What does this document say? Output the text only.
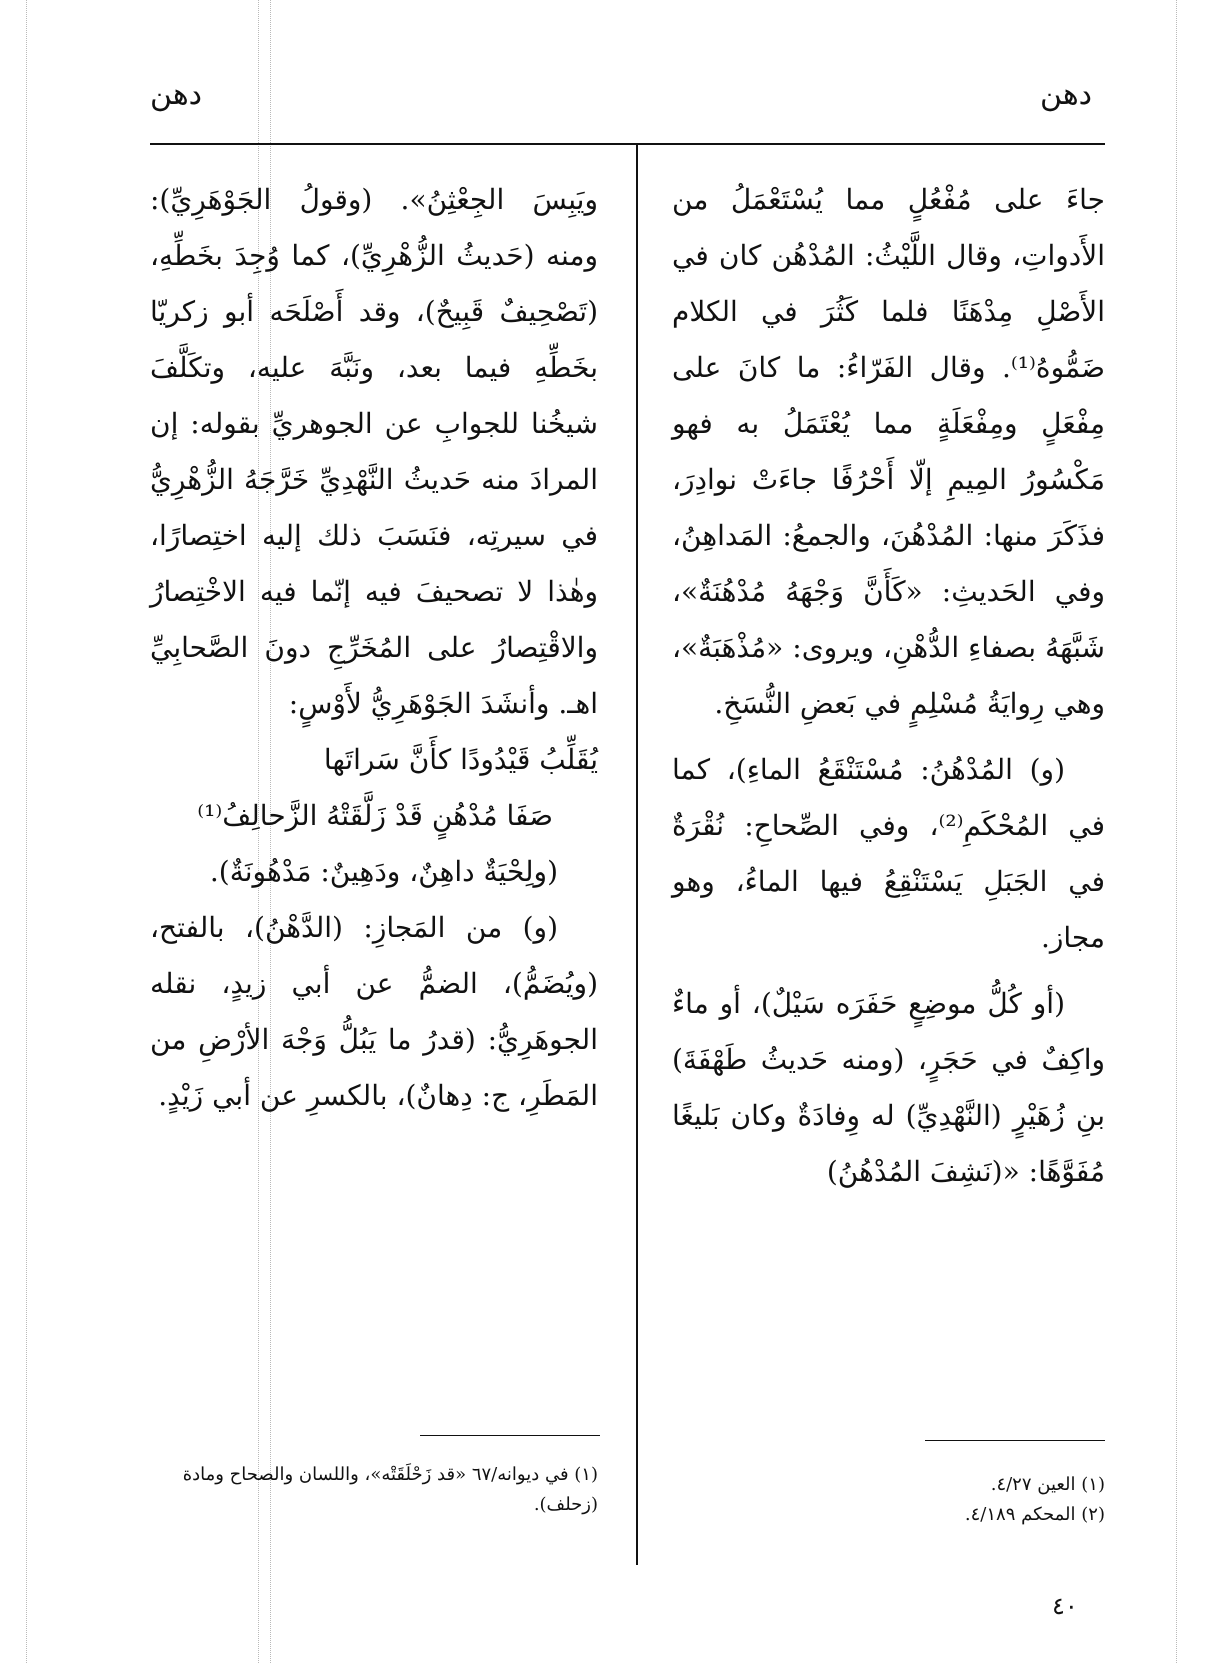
دهن
دهن

جاءَ على مُفْعُلٍ مما يُسْتَعْمَلُ من الأَدواتِ، وقال اللَّيْثُ: المُدْهُن كان في الأَصْلِ مِدْهَنًا فلما كَثُرَ في الكلام ضَمُّوهُ⁽¹⁾. وقال الفَرّاءُ: ما كانَ على مِفْعَلٍ ومِفْعَلَةٍ مما يُعْتَمَلُ به فهو مَكْسُورُ المِيمِ إلّا أَحْرُفًا جاءَتْ نوادِرَ، فذَكَرَ منها: المُدْهُنَ، والجمعُ: المَداهِنُ، وفي الحَديثِ: «كَأَنَّ وَجْهَهُ مُدْهُنَةٌ»، شَبَّهَهُ بصفاءِ الدُّهْنِ، ويروى: «مُذْهَبَةٌ»، وهي رِوايَةُ مُسْلِمٍ في بَعضِ النُّسَخِ.

(و) المُدْهُنُ: مُسْتَنْقَعُ الماءِ)، كما في المُحْكَمِ⁽²⁾، وفي الصِّحاحِ: نُقْرَةٌ في الجَبَلِ يَسْتَنْقِعُ فيها الماءُ، وهو مجاز.

(أو كُلُّ موضِعٍ حَفَرَه سَيْلٌ)، أو ماءٌ واكِفٌ في حَجَرٍ، (ومنه حَديثُ طَهْفَةَ) بنِ زُهَيْرٍ (النَّهْدِيِّ) له وِفادَةٌ وكان بَليغًا مُفَوَّهًا: «(نَشِفَ المُدْهُنُ)

ويَبِسَ الجِعْثِنُ». (وقولُ الجَوْهَرِيِّ): ومنه (حَديثُ الزُّهْرِيِّ)، كما وُجِدَ بخَطِّهِ، (تَصْحِيفٌ قَبِيحٌ)، وقد أَصْلَحَه أبو زكريّا بخَطِّهِ فيما بعد، ونَبَّهَ عليه، وتكَلَّفَ شيخُنا للجوابِ عن الجوهريِّ بقوله: إن المرادَ منه حَديثُ النَّهْدِيِّ خَرَّجَهُ الزُّهْرِيُّ في سيرتِه، فنَسَبَ ذلك إليه اختِصارًا، وهٰذا لا تصحيفَ فيه إنّما فيه الاخْتِصارُ والاقْتِصارُ على المُخَرِّجِ دونَ الصَّحابِيِّ اهـ. وأنشَدَ الجَوْهَرِيُّ لأَوْسٍ:

يُقَلِّبُ قَيْدُودًا كأَنَّ سَراتَها

صَفَا مُدْهُنٍ قَدْ زَلَّقَتْهُ الزَّحالِفُ⁽¹⁾

(ولِحْيَةٌ داهِنٌ، ودَهِينٌ: مَدْهُونَةٌ).

(و) من المَجازِ: (الدَّهْنُ)، بالفتح، (ويُضَمُّ)، الضمُّ عن أبي زيدٍ، نقله الجوهَرِيُّ: (قدرُ ما يَبُلُّ وَجْهَ الأرْضِ من المَطَرِ، ج: دِهانٌ)، بالكسرِ عن أبي زَيْدٍ.

(١) العين ٤/٢٧.

(٢) المحكم ٤/١٨٩.

(١) في ديوانه/٦٧ «قد زَحْلَقَتْه»، واللسان والصحاح ومادة (زحلف).

٤٠
